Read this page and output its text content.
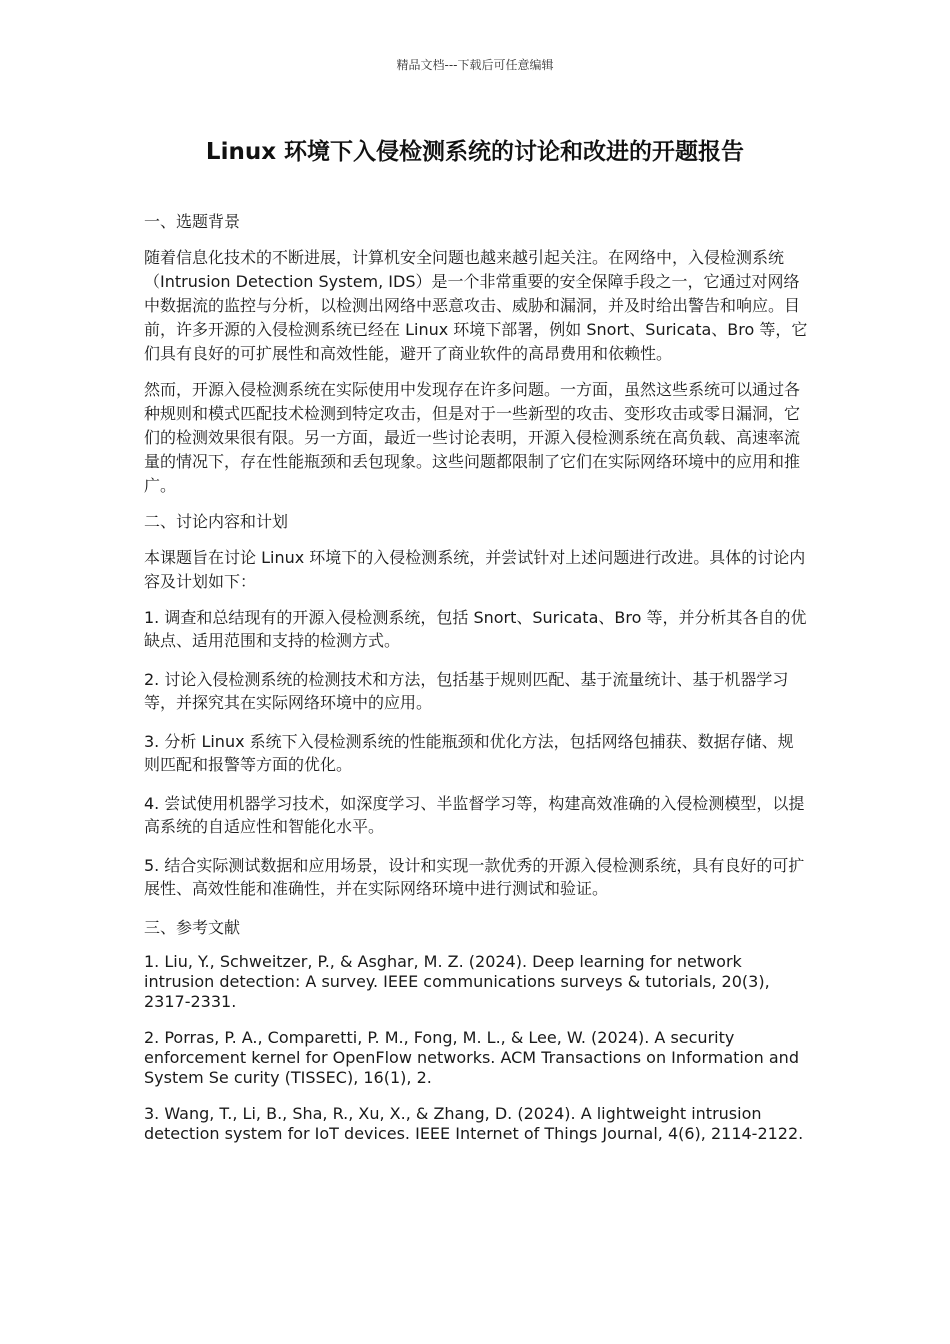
精品文档---下载后可任意编辑
Linux 环境下入侵检测系统的讨论和改进的开题报告

一、选题背景

随着信息化技术的不断进展，计算机安全问题也越来越引起关注。在网络中，入侵检测系统（Intrusion Detection System, IDS）是一个非常重要的安全保障手段之一，它通过对网络中数据流的监控与分析，以检测出网络中恶意攻击、威胁和漏洞，并及时给出警告和响应。目前，许多开源的入侵检测系统已经在 Linux 环境下部署，例如 Snort、Suricata、Bro 等，它们具有良好的可扩展性和高效性能，避开了商业软件的高昂费用和依赖性。

然而，开源入侵检测系统在实际使用中发现存在许多问题。一方面，虽然这些系统可以通过各种规则和模式匹配技术检测到特定攻击，但是对于一些新型的攻击、变形攻击或零日漏洞，它们的检测效果很有限。另一方面，最近一些讨论表明，开源入侵检测系统在高负载、高速率流量的情况下，存在性能瓶颈和丢包现象。这些问题都限制了它们在实际网络环境中的应用和推广。

二、讨论内容和计划

本课题旨在讨论 Linux 环境下的入侵检测系统，并尝试针对上述问题进行改进。具体的讨论内容及计划如下：

1. 调查和总结现有的开源入侵检测系统，包括 Snort、Suricata、Bro 等，并分析其各自的优缺点、适用范围和支持的检测方式。

2. 讨论入侵检测系统的检测技术和方法，包括基于规则匹配、基于流量统计、基于机器学习等，并探究其在实际网络环境中的应用。

3. 分析 Linux 系统下入侵检测系统的性能瓶颈和优化方法，包括网络包捕获、数据存储、规则匹配和报警等方面的优化。

4. 尝试使用机器学习技术，如深度学习、半监督学习等，构建高效准确的入侵检测模型，以提高系统的自适应性和智能化水平。

5. 结合实际测试数据和应用场景，设计和实现一款优秀的开源入侵检测系统，具有良好的可扩展性、高效性能和准确性，并在实际网络环境中进行测试和验证。

三、参考文献

1. Liu, Y., Schweitzer, P., & Asghar, M. Z. (2024). Deep learning for network intrusion detection: A survey. IEEE communications surveys & tutorials, 20(3), 2317-2331.

2. Porras, P. A., Comparetti, P. M., Fong, M. L., & Lee, W. (2024). A security enforcement kernel for OpenFlow networks. ACM Transactions on Information and System Se curity (TISSEC), 16(1), 2.

3. Wang, T., Li, B., Sha, R., Xu, X., & Zhang, D. (2024). A lightweight intrusion detection system for IoT devices. IEEE Internet of Things Journal, 4(6), 2114-2122.
